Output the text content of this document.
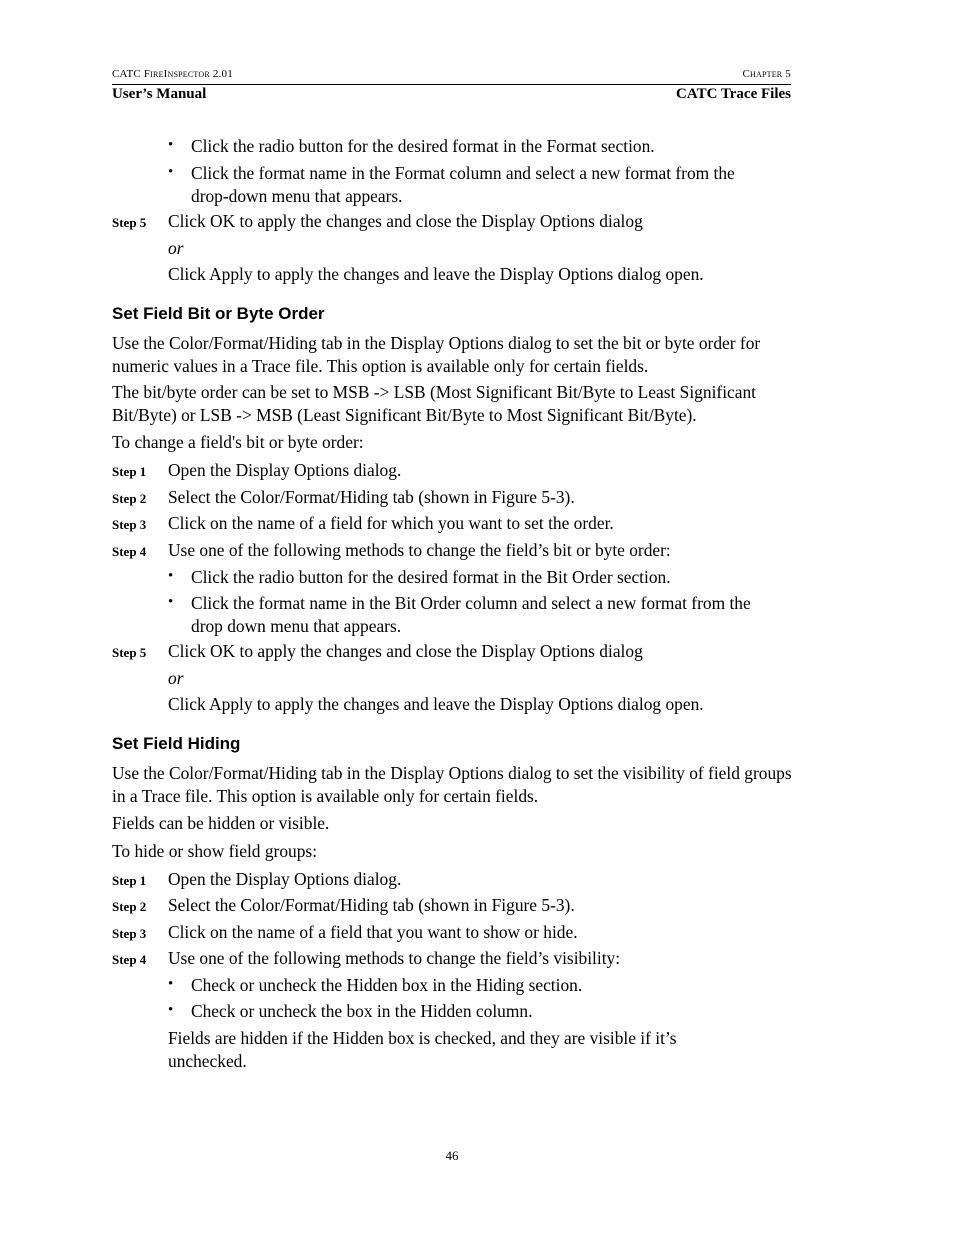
CATC FireInspector 2.01	Chapter 5
User’s Manual	CATC Trace Files
• Click the radio button for the desired format in the Format section.
• Click the format name in the Format column and select a new format from the drop-down menu that appears.
Step 5 Click OK to apply the changes and close the Display Options dialog
or
Click Apply to apply the changes and leave the Display Options dialog open.
Set Field Bit or Byte Order
Use the Color/Format/Hiding tab in the Display Options dialog to set the bit or byte order for numeric values in a Trace file. This option is available only for certain fields.
The bit/byte order can be set to MSB -> LSB (Most Significant Bit/Byte to Least Significant Bit/Byte) or LSB -> MSB (Least Significant Bit/Byte to Most Significant Bit/Byte).
To change a field's bit or byte order:
Step 1 Open the Display Options dialog.
Step 2 Select the Color/Format/Hiding tab (shown in Figure 5-3).
Step 3 Click on the name of a field for which you want to set the order.
Step 4 Use one of the following methods to change the field’s bit or byte order:
• Click the radio button for the desired format in the Bit Order section.
• Click the format name in the Bit Order column and select a new format from the drop down menu that appears.
Step 5 Click OK to apply the changes and close the Display Options dialog
or
Click Apply to apply the changes and leave the Display Options dialog open.
Set Field Hiding
Use the Color/Format/Hiding tab in the Display Options dialog to set the visibility of field groups in a Trace file. This option is available only for certain fields.
Fields can be hidden or visible.
To hide or show field groups:
Step 1 Open the Display Options dialog.
Step 2 Select the Color/Format/Hiding tab (shown in Figure 5-3).
Step 3 Click on the name of a field that you want to show or hide.
Step 4 Use one of the following methods to change the field’s visibility:
• Check or uncheck the Hidden box in the Hiding section.
• Check or uncheck the box in the Hidden column.
Fields are hidden if the Hidden box is checked, and they are visible if it’s unchecked.
46
